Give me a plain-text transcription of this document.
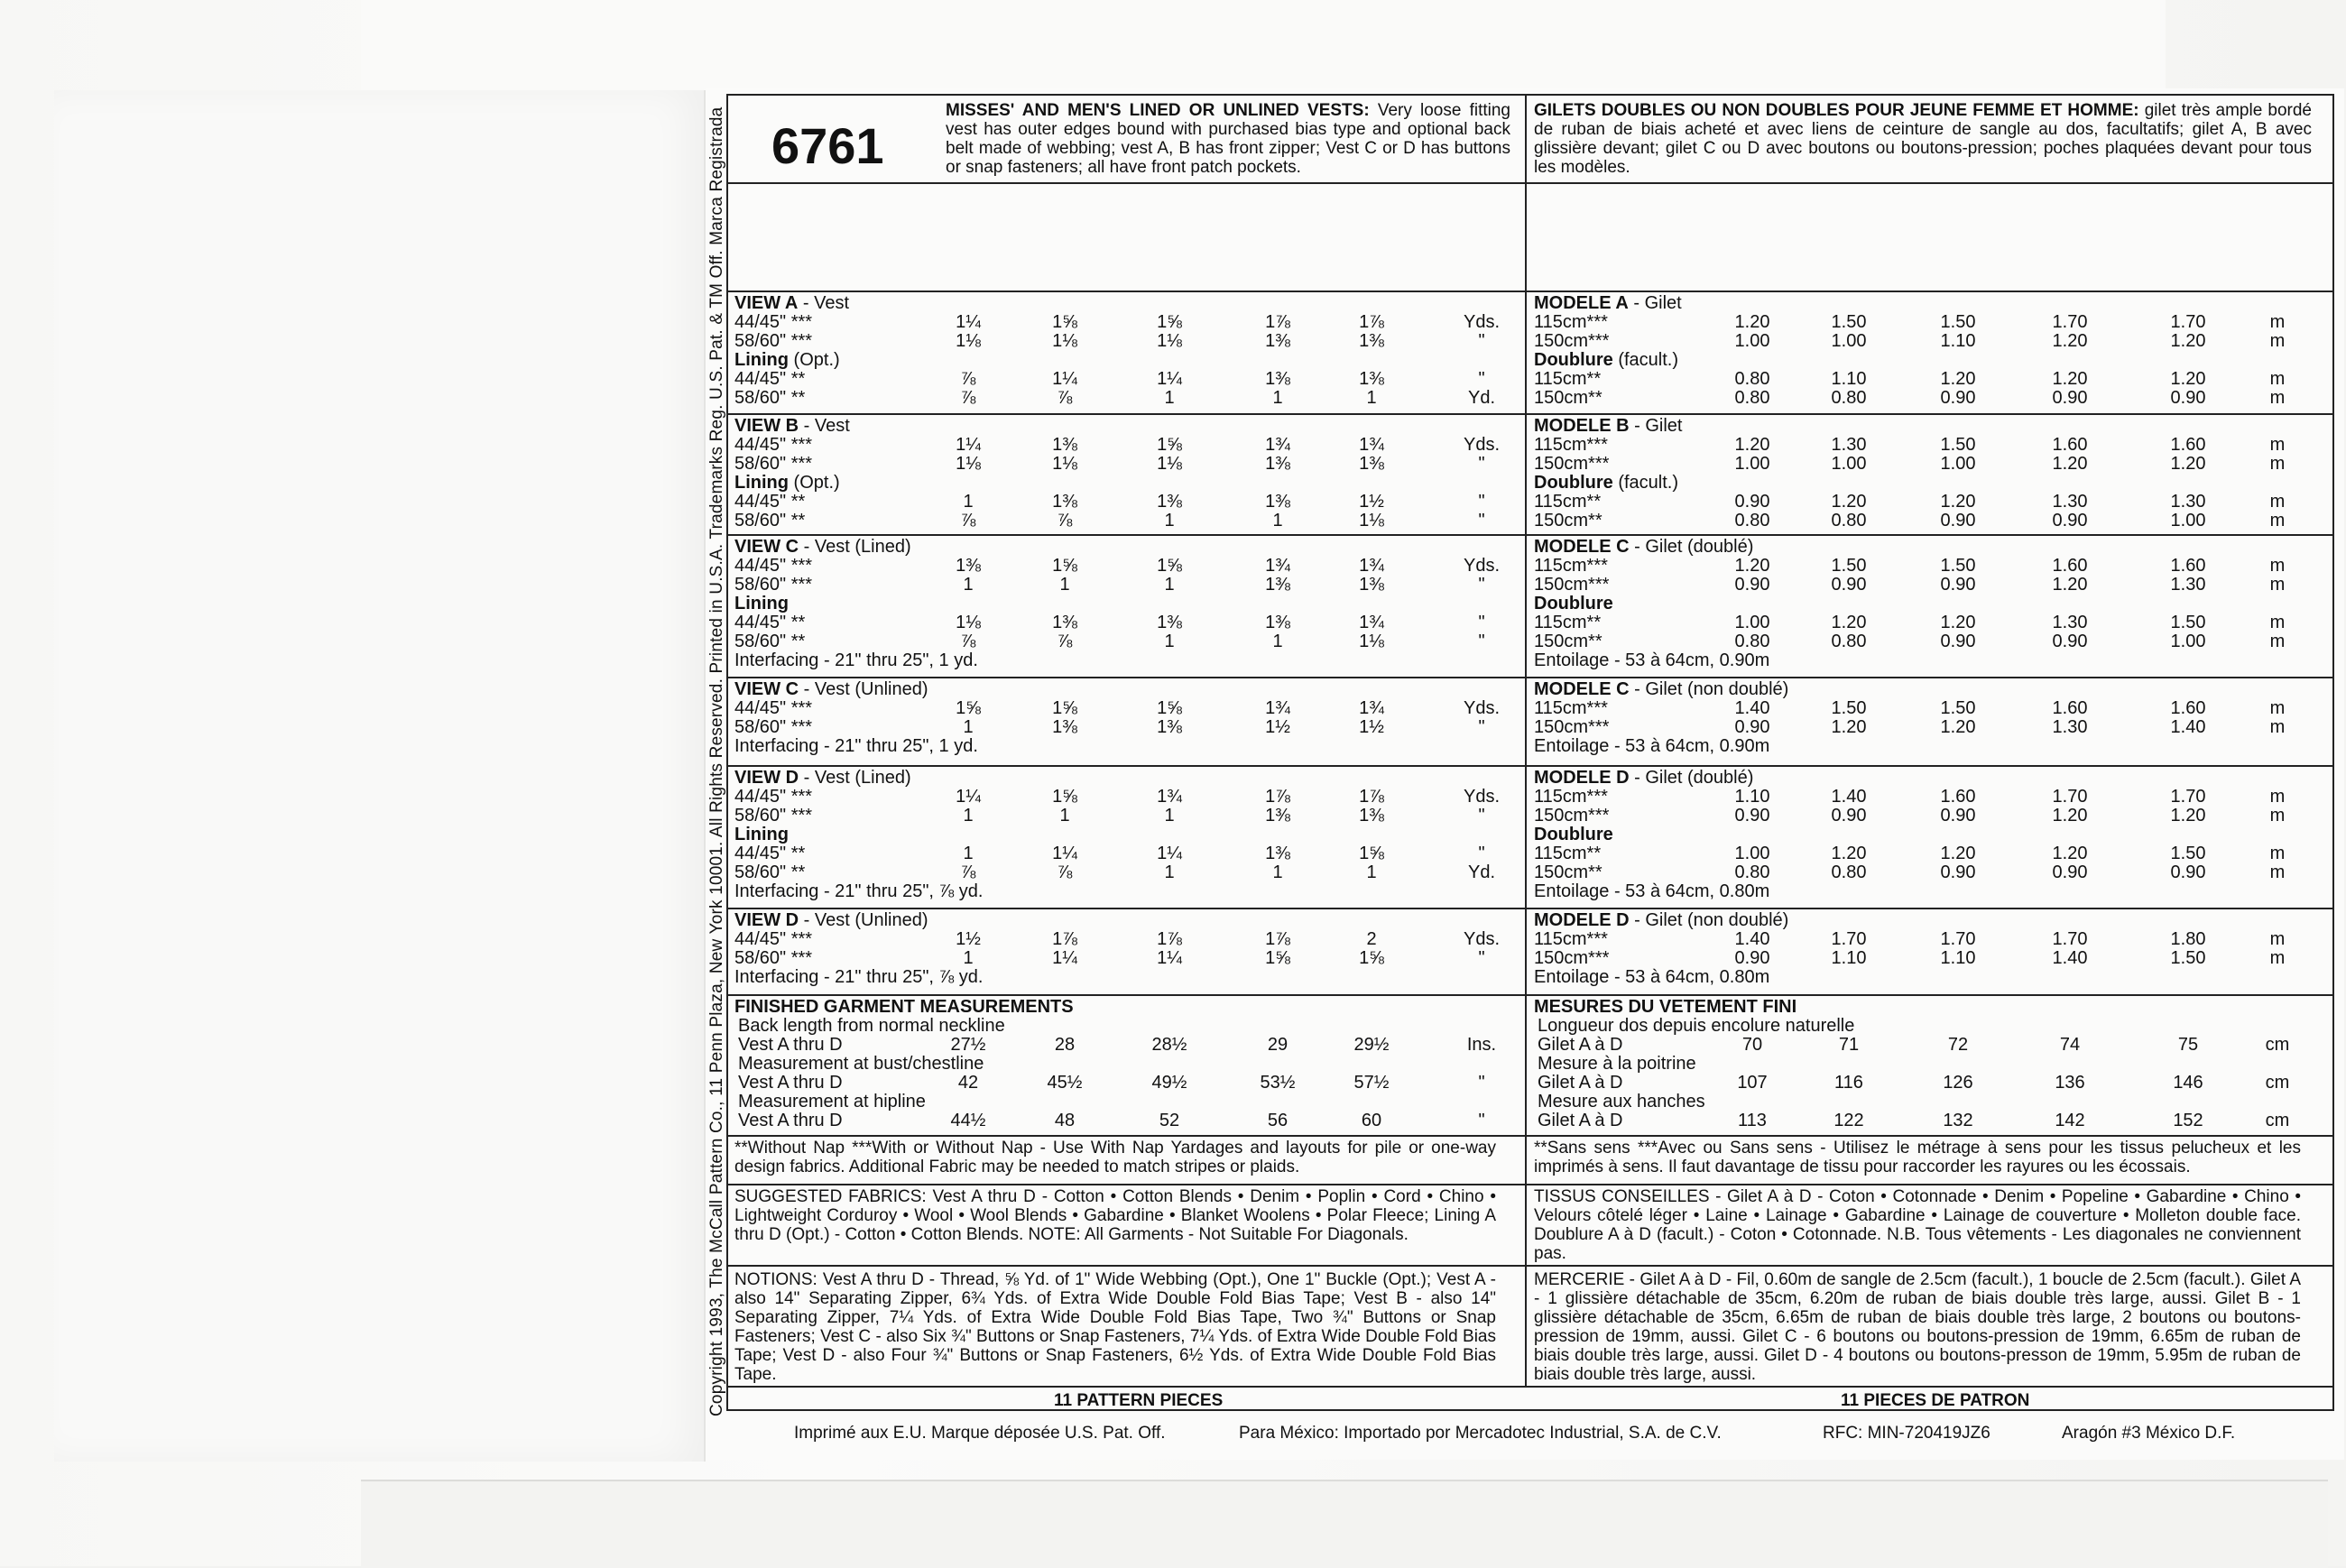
Copyright 1993, The McCall Pattern Co., 11 Penn Plaza, New York 10001. All Rights Reserved. Printed in U.S.A. Trademarks Reg. U.S. Pat. & TM Off. Marca Registrada 6761
MISSES' AND MEN'S LINED OR UNLINED VESTS: Very loose fitting vest has outer edges bound with purchased bias type and optional back belt made of webbing; vest A, B has front zipper; Vest C or D has buttons or snap fasteners; all have front patch pockets.
GILETS DOUBLES OU NON DOUBLES POUR JEUNE FEMME ET HOMME: gilet très ample bordé de ruban de biais acheté et avec liens de ceinture de sangle au dos, facultatifs; gilet A, B avec glissière devant; gilet C ou D avec boutons ou boutons-pression; poches plaquées devant pour tous les modèles.
Imprimé aux E.U. Marque déposée U.S. Pat. Off.	Para México: Importado por Mercadotec Industrial, S.A. de C.V.	RFC: MIN-720419JZ6	Aragón #3 México D.F.
VIEW A - Vest
44/45" ***	1¼	1⅝	1⅝	1⅞	1⅞	Yds.
58/60" ***	1⅛	1⅛	1⅛	1⅜	1⅜	"
Lining (Opt.)
44/45" **	⅞	1¼	1¼	1⅜	1⅜	"
58/60" **	⅞	⅞	1	1	1	Yd.
VIEW B - Vest
44/45" ***	1¼	1⅜	1⅝	1¾	1¾	Yds.
58/60" ***	1⅛	1⅛	1⅛	1⅜	1⅜	"
Lining (Opt.)
44/45" **	1	1⅜	1⅜	1⅜	1½	"
58/60" **	⅞	⅞	1	1	1⅛	"
VIEW C - Vest (Lined)
44/45" ***	1⅜	1⅝	1⅝	1¾	1¾	Yds.
58/60" ***	1	1	1	1⅜	1⅜	"
Lining
44/45" **	1⅛	1⅜	1⅜	1⅜	1¾	"
58/60" **	⅞	⅞	1	1	1⅛	"
Interfacing - 21" thru 25", 1 yd.
VIEW C - Vest (Unlined)
44/45" ***	1⅝	1⅝	1⅝	1¾	1¾	Yds.
58/60" ***	1	1⅜	1⅜	1½	1½	"
Interfacing - 21" thru 25", 1 yd.
VIEW D - Vest (Lined)
44/45" ***	1¼	1⅝	1¾	1⅞	1⅞	Yds.
58/60" ***	1	1	1	1⅜	1⅜	"
Lining
44/45" **	1	1¼	1¼	1⅜	1⅝	"
58/60" **	⅞	⅞	1	1	1	Yd.
Interfacing - 21" thru 25", ⅞ yd.
VIEW D - Vest (Unlined)
44/45" ***	1½	1⅞	1⅞	1⅞	2	Yds.
58/60" ***	1	1¼	1¼	1⅝	1⅝	"
Interfacing - 21" thru 25", ⅞ yd.
FINISHED GARMENT MEASUREMENTS
Back length from normal neckline
Vest A thru D	27½	28	28½	29	29½	Ins.
Measurement at bust/chestline
Vest A thru D	42	45½	49½	53½	57½	"
Measurement at hipline
Vest A thru D	44½	48	52	56	60	"
**Without Nap ***With or Without Nap - Use With Nap Yardages and layouts for pile or one-way design fabrics. Additional Fabric may be needed to match stripes or plaids.
SUGGESTED FABRICS: Vest A thru D - Cotton • Cotton Blends • Denim • Poplin • Cord • Chino • Lightweight Corduroy • Wool • Wool Blends • Gabardine • Blanket Woolens • Polar Fleece; Lining A thru D (Opt.) - Cotton • Cotton Blends. NOTE: All Garments - Not Suitable For Diagonals.
NOTIONS: Vest A thru D - Thread, ⅝ Yd. of 1" Wide Webbing (Opt.), One 1" Buckle (Opt.); Vest A - also 14" Separating Zipper, 6¾ Yds. of Extra Wide Double Fold Bias Tape; Vest B - also 14" Separating Zipper, 7¼ Yds. of Extra Wide Double Fold Bias Tape, Two ¾" Buttons or Snap Fasteners; Vest C - also Six ¾" Buttons or Snap Fasteners, 7¼ Yds. of Extra Wide Double Fold Bias Tape; Vest D - also Four ¾" Buttons or Snap Fasteners, 6½ Yds. of Extra Wide Double Fold Bias Tape.
11 PATTERN PIECES
MODELE A - Gilet
115cm***	1.20	1.50	1.50	1.70	1.70	m
150cm***	1.00	1.00	1.10	1.20	1.20	m
Doublure (facult.)
115cm**	0.80	1.10	1.20	1.20	1.20	m
150cm**	0.80	0.80	0.90	0.90	0.90	m
MODELE B - Gilet
115cm***	1.20	1.30	1.50	1.60	1.60	m
150cm***	1.00	1.00	1.00	1.20	1.20	m
Doublure (facult.)
115cm**	0.90	1.20	1.20	1.30	1.30	m
150cm**	0.80	0.80	0.90	0.90	1.00	m
MODELE C - Gilet (doublé)
115cm***	1.20	1.50	1.50	1.60	1.60	m
150cm***	0.90	0.90	0.90	1.20	1.30	m
Doublure
115cm**	1.00	1.20	1.20	1.30	1.50	m
150cm**	0.80	0.80	0.90	0.90	1.00	m
Entoilage - 53 à 64cm, 0.90m
MODELE C - Gilet (non doublé)
115cm***	1.40	1.50	1.50	1.60	1.60	m
150cm***	0.90	1.20	1.20	1.30	1.40	m
Entoilage - 53 à 64cm, 0.90m
MODELE D - Gilet (doublé)
115cm***	1.10	1.40	1.60	1.70	1.70	m
150cm***	0.90	0.90	0.90	1.20	1.20	m
Doublure
115cm**	1.00	1.20	1.20	1.20	1.50	m
150cm**	0.80	0.80	0.90	0.90	0.90	m
Entoilage - 53 à 64cm, 0.80m
MODELE D - Gilet (non doublé)
115cm***	1.40	1.70	1.70	1.70	1.80	m
150cm***	0.90	1.10	1.10	1.40	1.50	m
Entoilage - 53 à 64cm, 0.80m
MESURES DU VETEMENT FINI
Longueur dos depuis encolure naturelle
Gilet A à D	70	71	72	74	75	cm
Mesure à la poitrine
Gilet A à D	107	116	126	136	146	cm
Mesure aux hanches
Gilet A à D	113	122	132	142	152	cm
**Sans sens ***Avec ou Sans sens - Utilisez le métrage à sens pour les tissus pelucheux et les imprimés à sens. Il faut davantage de tissu pour raccorder les rayures ou les écossais.
TISSUS CONSEILLES - Gilet A à D - Coton • Cotonnade • Denim • Popeline • Gabardine • Chino • Velours côtelé léger • Laine • Lainage • Gabardine • Lainage de couverture • Molleton double face. Doublure A à D (facult.) - Coton • Cotonnade. N.B. Tous vêtements - Les diagonales ne conviennent pas.
MERCERIE - Gilet A à D - Fil, 0.60m de sangle de 2.5cm (facult.), 1 boucle de 2.5cm (facult.). Gilet A - 1 glissière détachable de 35cm, 6.20m de ruban de biais double très large, aussi. Gilet B - 1 glissière détachable de 35cm, 6.65m de ruban de biais double très large, 2 boutons ou boutons-pression de 19mm, aussi. Gilet C - 6 boutons ou boutons-pression de 19mm, 6.65m de ruban de biais double très large, aussi. Gilet D - 4 boutons ou boutons-presson de 19mm, 5.95m de ruban de biais double très large, aussi.
11 PIECES DE PATRON
